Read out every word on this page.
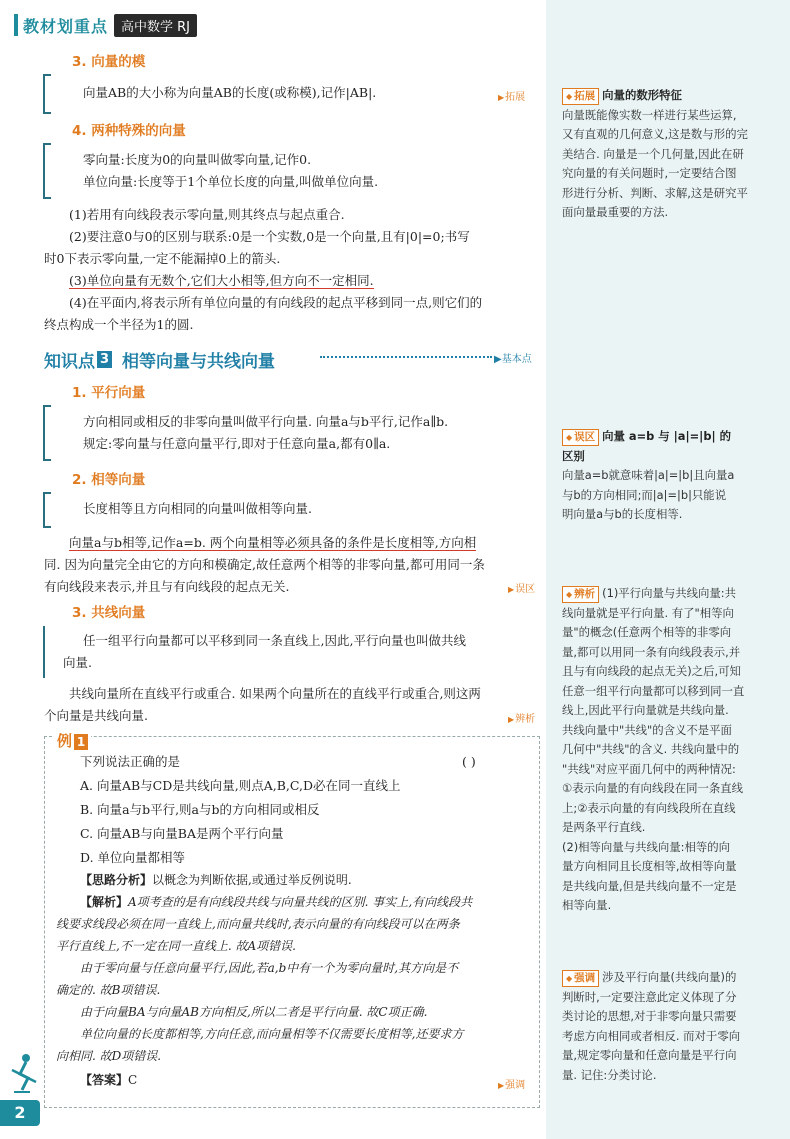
教材划重点	高中数学 RJ
3. 向量的模
向量AB的大小称为向量AB的长度(或称模),记作|AB|.	▶ 拓展
4. 两种特殊的向量
零向量:长度为0的向量叫做零向量,记作0.
单位向量:长度等于1个单位长度的向量,叫做单位向量.
(1)若用有向线段表示零向量,则其终点与起点重合.
(2)要注意0与0的区别与联系:0是一个实数,0是一个向量,且有|0|=0;书写
时0下表示零向量,一定不能漏掉0上的箭头.
(3)单位向量有无数个,它们大小相等,但方向不一定相同.
(4)在平面内,将表示所有单位向量的有向线段的起点平移到同一点,则它们的
终点构成一个半径为1的圆.
知识点 3 相等向量与共线向量	▶基本点
1. 平行向量
方向相同或相反的非零向量叫做平行向量. 向量a与b平行,记作a∥b.
规定:零向量与任意向量平行,即对于任意向量a,都有0∥a.
2. 相等向量
长度相等且方向相同的向量叫做相等向量.
向量a与b相等,记作a=b. 两个向量相等必须具备的条件是长度相等,方向相
同. 因为向量完全由它的方向和模确定,故任意两个相等的非零向量,都可用同一条
有向线段来表示,并且与有向线段的起点无关.	▶ 误区
3. 共线向量
任一组平行向量都可以平移到同一条直线上,因此,平行向量也叫做共线
向量.
共线向量所在直线平行或重合. 如果两个向量所在的直线平行或重合,则这两
个向量是共线向量.	▶ 辨析
例 1
下列说法正确的是	( )
A. 向量AB与CD是共线向量,则点A,B,C,D必在同一直线上
B. 向量a与b平行,则a与b的方向相同或相反
C. 向量AB与向量BA是两个平行向量
D. 单位向量都相等
【思路分析】以概念为判断依据,或通过举反例说明.
【解析】A项考查的是有向线段共线与向量共线的区别. 事实上,有向线段共
线要求线段必须在同一直线上,而向量共线时,表示向量的有向线段可以在两条
平行直线上,不一定在同一直线上. 故A项错误.
由于零向量与任意向量平行,因此,若a,b中有一个为零向量时,其方向是不
确定的. 故B项错误.
由于向量BA与向量AB方向相反,所以二者是平行向量. 故C项正确.
单位向量的长度都相等,方向任意,而向量相等不仅需要长度相等,还要求方
向相同. 故D项错误.
【答案】C	▶ 强调
◆ 拓展 向量的数形特征
向量既能像实数一样进行某些运算,
又有直观的几何意义,这是数与形的完
美结合. 向量是一个几何量,因此在研
究向量的有关问题时,一定要结合图
形进行分析、判断、求解,这是研究平
面向量最重要的方法.
◆ 误区 向量 a=b 与 |a|=|b| 的
区别
向量a=b就意味着|a|=|b|且向量a
与b的方向相同;而|a|=|b|只能说
明向量a与b的长度相等.
◆ 辨析 (1)平行向量与共线向量:共
线向量就是平行向量. 有了"相等向
量"的概念(任意两个相等的非零向
量,都可以用同一条有向线段表示,并
且与有向线段的起点无关)之后,可知
任意一组平行向量都可以移到同一直
线上,因此平行向量就是共线向量.
共线向量中"共线"的含义不是平面
几何中"共线"的含义. 共线向量中的
"共线"对应平面几何中的两种情况:
①表示向量的有向线段在同一条直线
上;②表示向量的有向线段所在直线
是两条平行直线.
(2)相等向量与共线向量:相等的向
量方向相同且长度相等,故相等向量
是共线向量,但是共线向量不一定是
相等向量.
◆ 强调 涉及平行向量(共线向量)的
判断时,一定要注意此定义体现了分
类讨论的思想,对于非零向量只需要
考虑方向相同或者相反. 而对于零向
量,规定零向量和任意向量是平行向
量. 记住:分类讨论.
2
